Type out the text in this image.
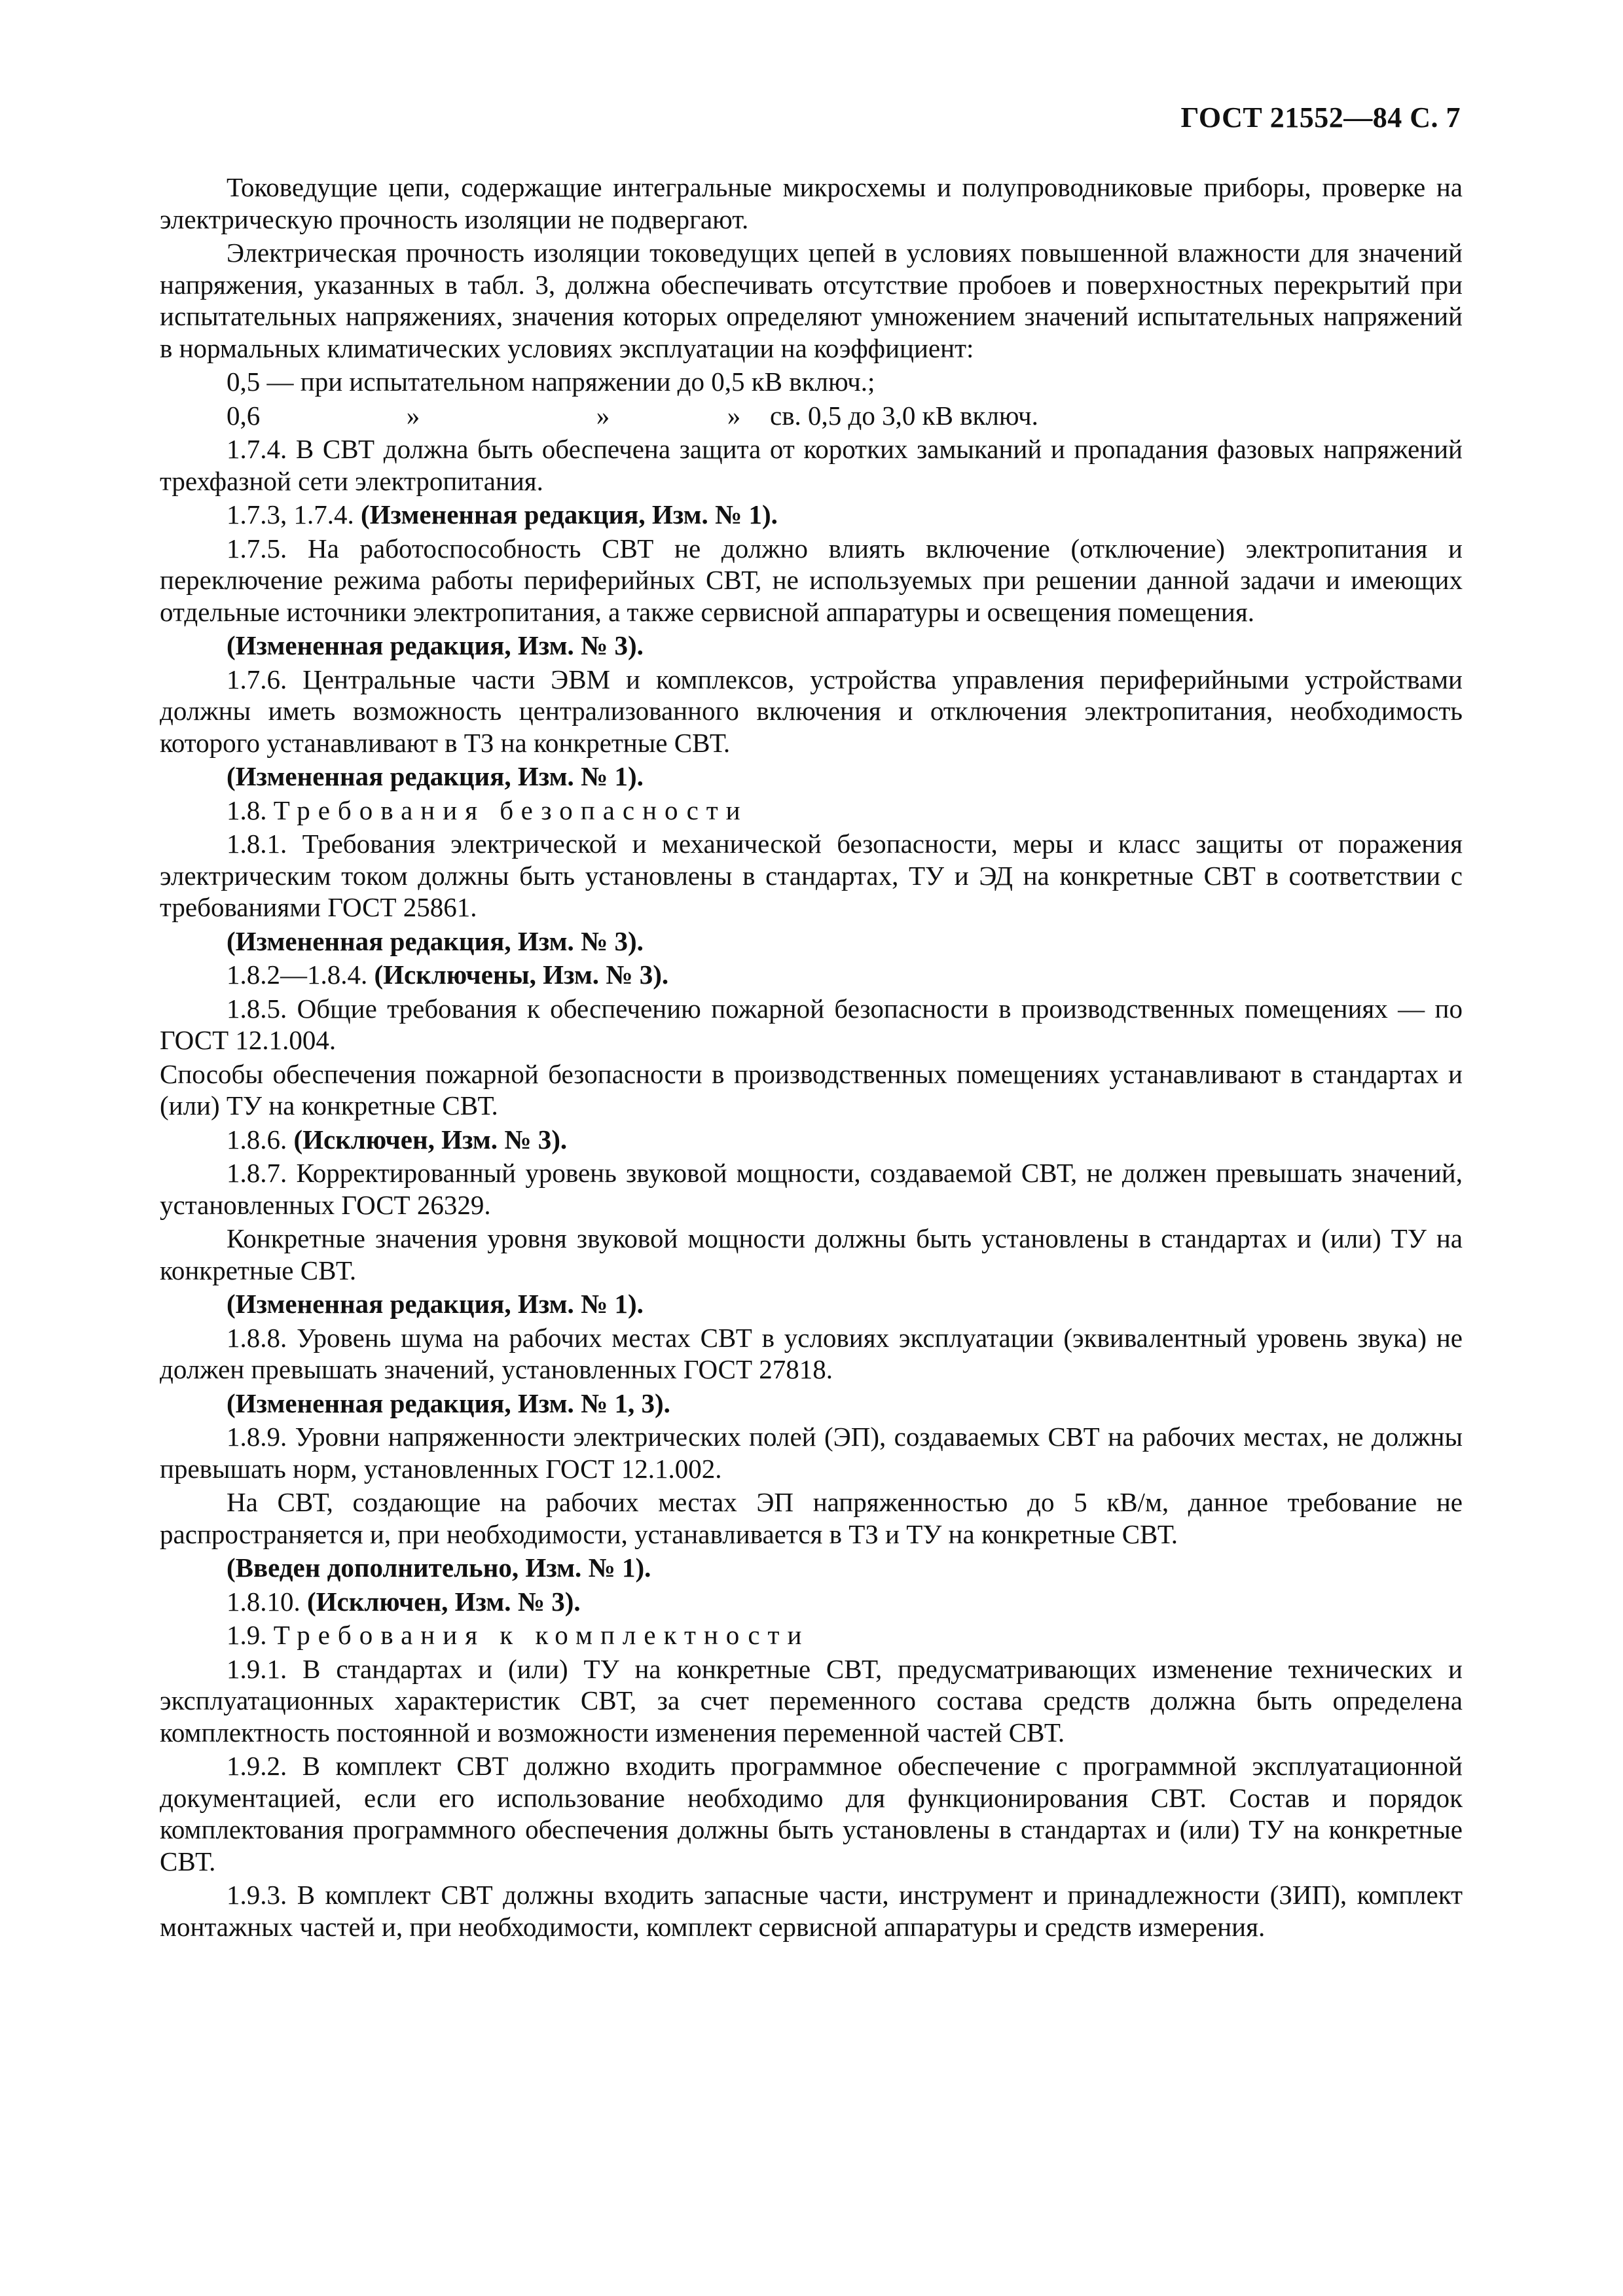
ГОСТ 21552—84 С. 7

Токоведущие цепи, содержащие интегральные микросхемы и полупроводниковые приборы, проверке на электрическую прочность изоляции не подвергают.

Электрическая прочность изоляции токоведущих цепей в условиях повышенной влажности для значений напряжения, указанных в табл. 3, должна обеспечивать отсутствие пробоев и поверхностных перекрытий при испытательных напряжениях, значения которых определяют умножением значений испытательных напряжений в нормальных климатических условиях эксплуатации на коэффициент:

0,5 — при испытательном напряжении до 0,5 кВ включ.;

0,6	»	»	»	св. 0,5 до 3,0 кВ включ.

1.7.4. В СВТ должна быть обеспечена защита от коротких замыканий и пропадания фазовых напряжений трехфазной сети электропитания.

1.7.3, 1.7.4. (Измененная редакция, Изм. № 1).

1.7.5. На работоспособность СВТ не должно влиять включение (отключение) электропитания и переключение режима работы периферийных СВТ, не используемых при решении данной задачи и имеющих отдельные источники электропитания, а также сервисной аппаратуры и освещения помещения.

(Измененная редакция, Изм. № 3).

1.7.6. Центральные части ЭВМ и комплексов, устройства управления периферийными устройствами должны иметь возможность централизованного включения и отключения электропитания, необходимость которого устанавливают в ТЗ на конкретные СВТ.

(Измененная редакция, Изм. № 1).

1.8. Требования безопасности

1.8.1. Требования электрической и механической безопасности, меры и класс защиты от поражения электрическим током должны быть установлены в стандартах, ТУ и ЭД на конкретные СВТ в соответствии с требованиями ГОСТ 25861.

(Измененная редакция, Изм. № 3).

1.8.2—1.8.4. (Исключены, Изм. № 3).

1.8.5. Общие требования к обеспечению пожарной безопасности в производственных помещениях — по ГОСТ 12.1.004.

Способы обеспечения пожарной безопасности в производственных помещениях устанавливают в стандартах и (или) ТУ на конкретные СВТ.

1.8.6. (Исключен, Изм. № 3).

1.8.7. Корректированный уровень звуковой мощности, создаваемой СВТ, не должен превышать значений, установленных ГОСТ 26329.

Конкретные значения уровня звуковой мощности должны быть установлены в стандартах и (или) ТУ на конкретные СВТ.

(Измененная редакция, Изм. № 1).

1.8.8. Уровень шума на рабочих местах СВТ в условиях эксплуатации (эквивалентный уровень звука) не должен превышать значений, установленных ГОСТ 27818.

(Измененная редакция, Изм. № 1, 3).

1.8.9. Уровни напряженности электрических полей (ЭП), создаваемых СВТ на рабочих местах, не должны превышать норм, установленных ГОСТ 12.1.002.

На СВТ, создающие на рабочих местах ЭП напряженностью до 5 кВ/м, данное требование не распространяется и, при необходимости, устанавливается в ТЗ и ТУ на конкретные СВТ.

(Введен дополнительно, Изм. № 1).

1.8.10. (Исключен, Изм. № 3).

1.9. Требования к комплектности

1.9.1. В стандартах и (или) ТУ на конкретные СВТ, предусматривающих изменение технических и эксплуатационных характеристик СВТ, за счет переменного состава средств должна быть определена комплектность постоянной и возможности изменения переменной частей СВТ.

1.9.2. В комплект СВТ должно входить программное обеспечение с программной эксплуатационной документацией, если его использование необходимо для функционирования СВТ. Состав и порядок комплектования программного обеспечения должны быть установлены в стандартах и (или) ТУ на конкретные СВТ.

1.9.3. В комплект СВТ должны входить запасные части, инструмент и принадлежности (ЗИП), комплект монтажных частей и, при необходимости, комплект сервисной аппаратуры и средств измерения.
